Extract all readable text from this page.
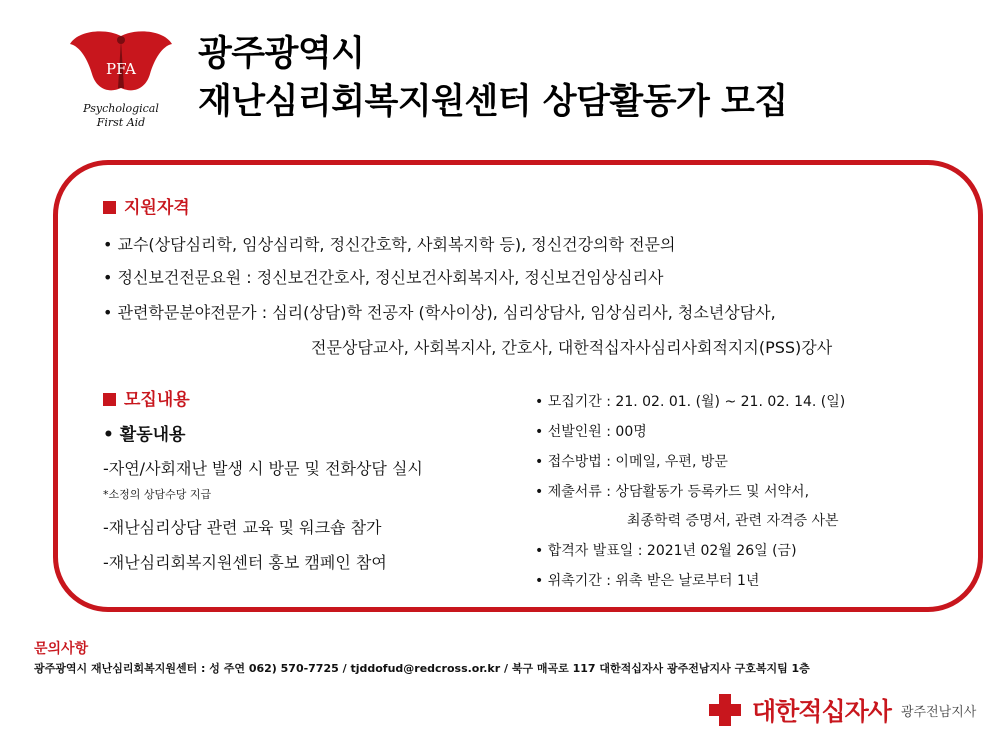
PFA
Psychological
First Aid
광주광역시
재난심리회복지원센터 상담활동가 모집
지원자격
• 교수(상담심리학, 임상심리학, 정신간호학, 사회복지학 등), 정신건강의학 전문의
• 정신보건전문요원 : 정신보건간호사, 정신보건사회복지사, 정신보건임상심리사
• 관련학문분야전문가 : 심리(상담)학 전공자 (학사이상), 심리상담사, 임상심리사, 청소년상담사,
전문상담교사, 사회복지사, 간호사, 대한적십자사심리사회적지지(PSS)강사
모집내용
• 활동내용
-자연/사회재난 발생 시 방문 및 전화상담 실시
*소정의 상담수당 지급
-재난심리상담 관련 교육 및 워크숍 참가
-재난심리회복지원센터 홍보 캠페인 참여
• 모집기간 : 21. 02. 01. (월) ~ 21. 02. 14. (일)
• 선발인원 : 00명
• 접수방법 : 이메일, 우편, 방문
• 제출서류 : 상담활동가 등록카드 및 서약서,
최종학력 증명서, 관련 자격증 사본
• 합격자 발표일 : 2021년 02월 26일 (금)
• 위촉기간 : 위촉 받은 날로부터 1년
문의사항
광주광역시 재난심리회복지원센터 : 성 주연 062) 570-7725 / tjddofud@redcross.or.kr / 북구 매곡로 117 대한적십자사 광주전남지사 구호복지팀 1층
대한적십자사 광주전남지사
